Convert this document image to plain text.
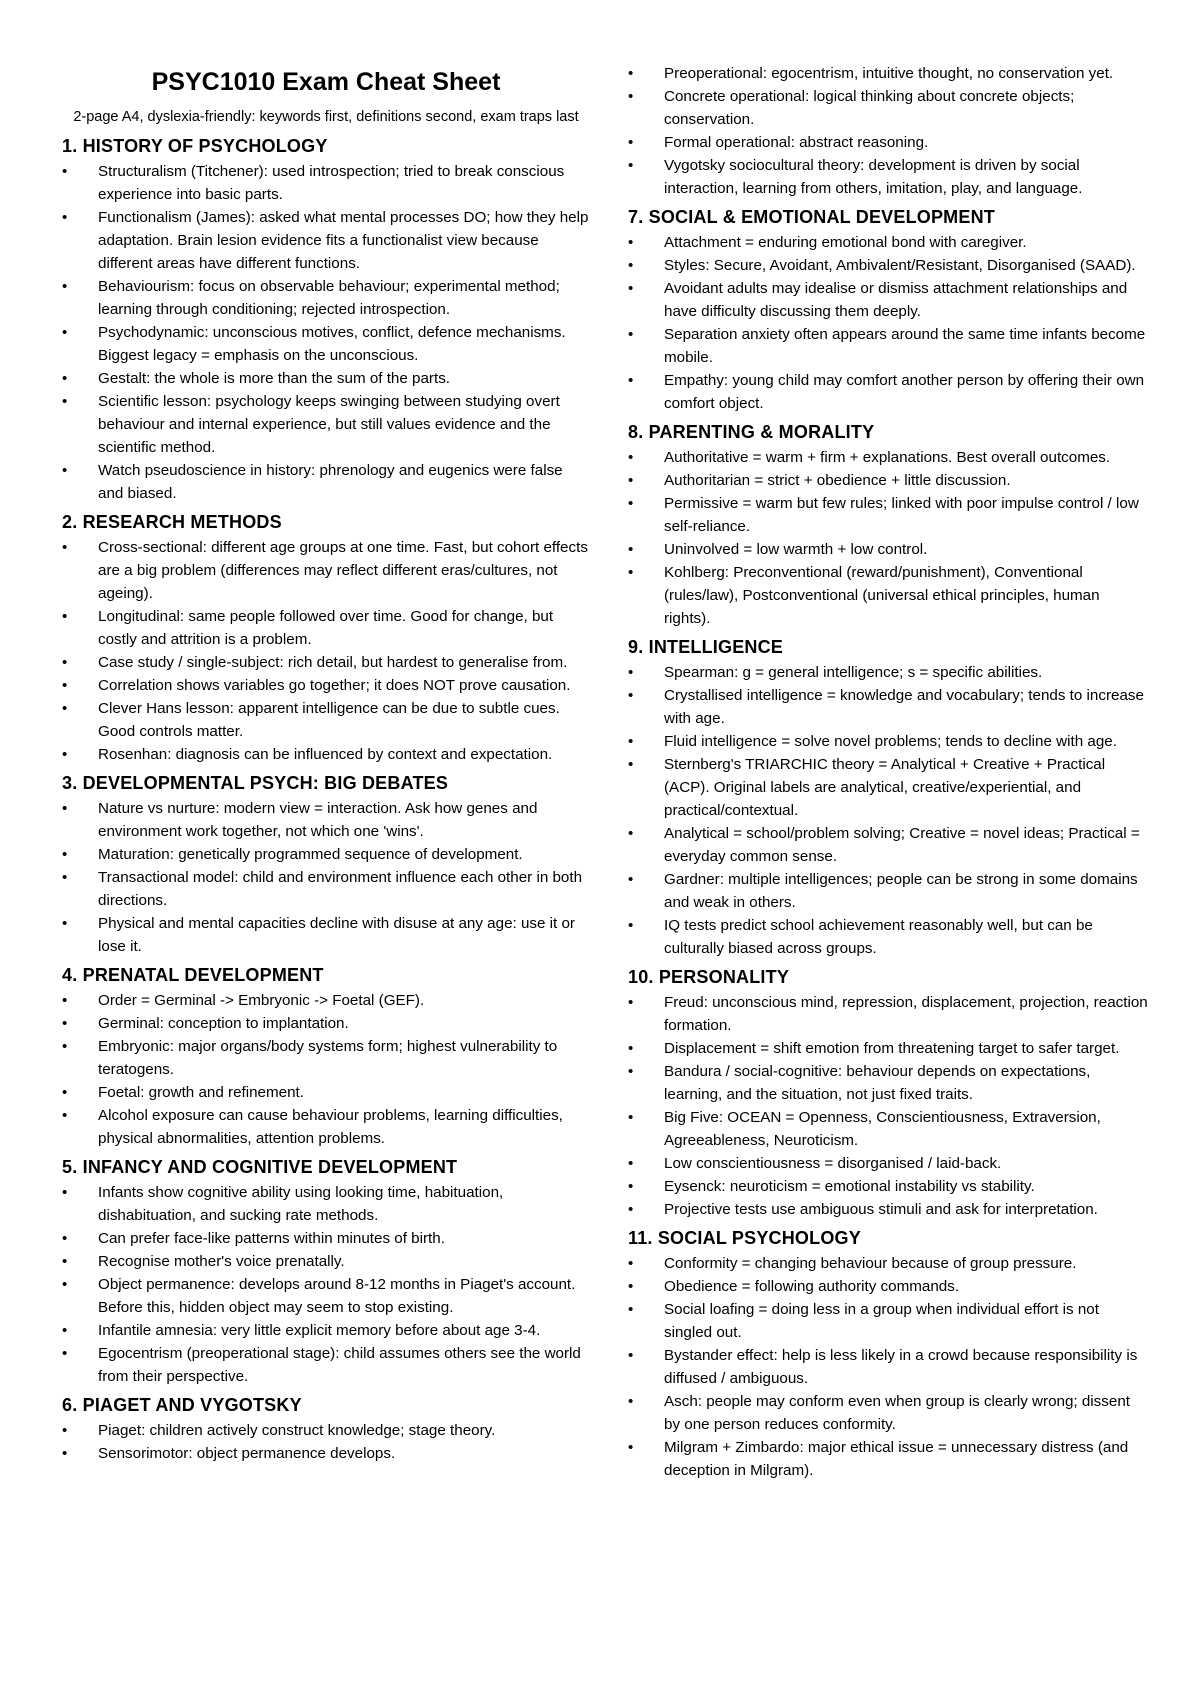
PSYC1010 Exam Cheat Sheet
2-page A4, dyslexia-friendly: keywords first, definitions second, exam traps last
1. HISTORY OF PSYCHOLOGY
• Structuralism (Titchener): used introspection; tried to break conscious experience into basic parts.
• Functionalism (James): asked what mental processes DO; how they help adaptation. Brain lesion evidence fits a functionalist view because different areas have different functions.
• Behaviourism: focus on observable behaviour; experimental method; learning through conditioning; rejected introspection.
• Psychodynamic: unconscious motives, conflict, defence mechanisms. Biggest legacy = emphasis on the unconscious.
• Gestalt: the whole is more than the sum of the parts.
• Scientific lesson: psychology keeps swinging between studying overt behaviour and internal experience, but still values evidence and the scientific method.
• Watch pseudoscience in history: phrenology and eugenics were false and biased.
2. RESEARCH METHODS
• Cross-sectional: different age groups at one time. Fast, but cohort effects are a big problem (differences may reflect different eras/cultures, not ageing).
• Longitudinal: same people followed over time. Good for change, but costly and attrition is a problem.
• Case study / single-subject: rich detail, but hardest to generalise from.
• Correlation shows variables go together; it does NOT prove causation.
• Clever Hans lesson: apparent intelligence can be due to subtle cues. Good controls matter.
• Rosenhan: diagnosis can be influenced by context and expectation.
3. DEVELOPMENTAL PSYCH: BIG DEBATES
• Nature vs nurture: modern view = interaction. Ask how genes and environment work together, not which one 'wins'.
• Maturation: genetically programmed sequence of development.
• Transactional model: child and environment influence each other in both directions.
• Physical and mental capacities decline with disuse at any age: use it or lose it.
4. PRENATAL DEVELOPMENT
• Order = Germinal -> Embryonic -> Foetal (GEF).
• Germinal: conception to implantation.
• Embryonic: major organs/body systems form; highest vulnerability to teratogens.
• Foetal: growth and refinement.
• Alcohol exposure can cause behaviour problems, learning difficulties, physical abnormalities, attention problems.
5. INFANCY AND COGNITIVE DEVELOPMENT
• Infants show cognitive ability using looking time, habituation, dishabituation, and sucking rate methods.
• Can prefer face-like patterns within minutes of birth.
• Recognise mother's voice prenatally.
• Object permanence: develops around 8-12 months in Piaget's account. Before this, hidden object may seem to stop existing.
• Infantile amnesia: very little explicit memory before about age 3-4.
• Egocentrism (preoperational stage): child assumes others see the world from their perspective.
6. PIAGET AND VYGOTSKY
• Piaget: children actively construct knowledge; stage theory.
• Sensorimotor: object permanence develops.
• Preoperational: egocentrism, intuitive thought, no conservation yet.
• Concrete operational: logical thinking about concrete objects; conservation.
• Formal operational: abstract reasoning.
• Vygotsky sociocultural theory: development is driven by social interaction, learning from others, imitation, play, and language.
7. SOCIAL & EMOTIONAL DEVELOPMENT
• Attachment = enduring emotional bond with caregiver.
• Styles: Secure, Avoidant, Ambivalent/Resistant, Disorganised (SAAD).
• Avoidant adults may idealise or dismiss attachment relationships and have difficulty discussing them deeply.
• Separation anxiety often appears around the same time infants become mobile.
• Empathy: young child may comfort another person by offering their own comfort object.
8. PARENTING & MORALITY
• Authoritative = warm + firm + explanations. Best overall outcomes.
• Authoritarian = strict + obedience + little discussion.
• Permissive = warm but few rules; linked with poor impulse control / low self-reliance.
• Uninvolved = low warmth + low control.
• Kohlberg: Preconventional (reward/punishment), Conventional (rules/law), Postconventional (universal ethical principles, human rights).
9. INTELLIGENCE
• Spearman: g = general intelligence; s = specific abilities.
• Crystallised intelligence = knowledge and vocabulary; tends to increase with age.
• Fluid intelligence = solve novel problems; tends to decline with age.
• Sternberg's TRIARCHIC theory = Analytical + Creative + Practical (ACP). Original labels are analytical, creative/experiential, and practical/contextual.
• Analytical = school/problem solving; Creative = novel ideas; Practical = everyday common sense.
• Gardner: multiple intelligences; people can be strong in some domains and weak in others.
• IQ tests predict school achievement reasonably well, but can be culturally biased across groups.
10. PERSONALITY
• Freud: unconscious mind, repression, displacement, projection, reaction formation.
• Displacement = shift emotion from threatening target to safer target.
• Bandura / social-cognitive: behaviour depends on expectations, learning, and the situation, not just fixed traits.
• Big Five: OCEAN = Openness, Conscientiousness, Extraversion, Agreeableness, Neuroticism.
• Low conscientiousness = disorganised / laid-back.
• Eysenck: neuroticism = emotional instability vs stability.
• Projective tests use ambiguous stimuli and ask for interpretation.
11. SOCIAL PSYCHOLOGY
• Conformity = changing behaviour because of group pressure.
• Obedience = following authority commands.
• Social loafing = doing less in a group when individual effort is not singled out.
• Bystander effect: help is less likely in a crowd because responsibility is diffused / ambiguous.
• Asch: people may conform even when group is clearly wrong; dissent by one person reduces conformity.
• Milgram + Zimbardo: major ethical issue = unnecessary distress (and deception in Milgram).
